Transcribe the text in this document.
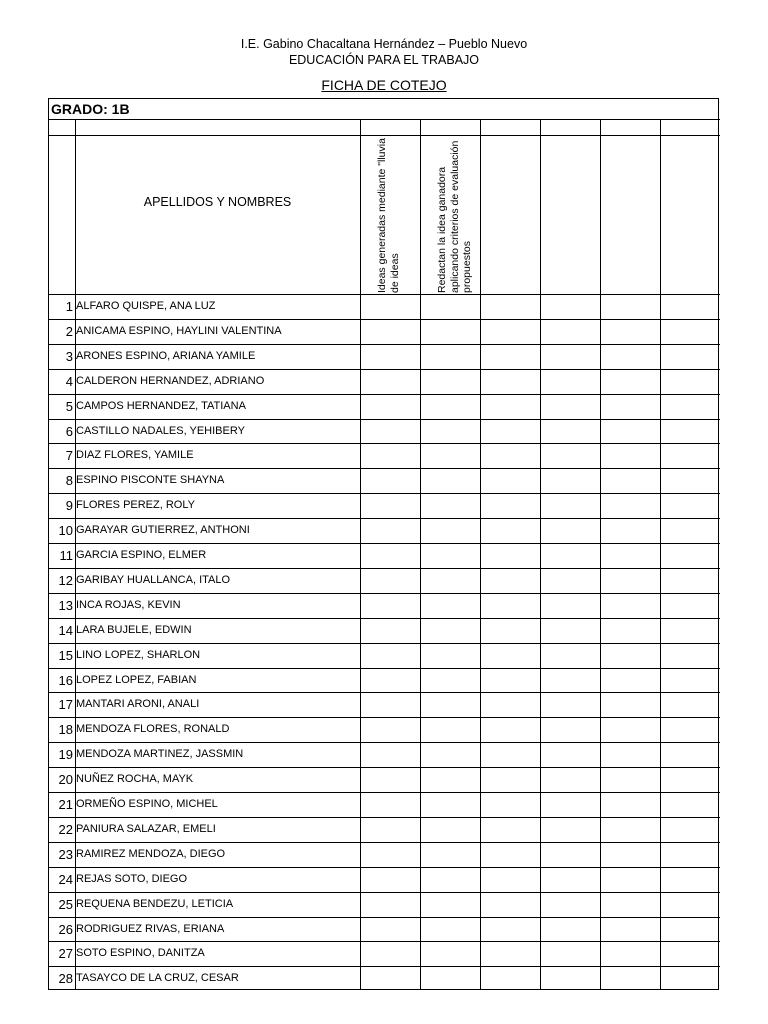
I.E. Gabino Chacaltana Hernández – Pueblo Nuevo
EDUCACIÓN PARA EL TRABAJO
FICHA DE COTEJO
GRADO: 1B
APELLIDOS Y NOMBRES
Ideas generadas mediante "lluvia
de ideas	Redactan la idea ganadora
aplicando criterios de evaluación
propuestos
1 ALFARO QUISPE, ANA LUZ
2 ANICAMA ESPINO, HAYLINI VALENTINA
3 ARONES ESPINO, ARIANA YAMILE
4 CALDERON HERNANDEZ, ADRIANO
5 CAMPOS HERNANDEZ, TATIANA
6 CASTILLO NADALES, YEHIBERY
7 DIAZ FLORES, YAMILE
8 ESPINO PISCONTE SHAYNA
9 FLORES PEREZ, ROLY
10 GARAYAR GUTIERREZ, ANTHONI
11 GARCIA ESPINO, ELMER
12 GARIBAY HUALLANCA, ITALO
13 INCA ROJAS, KEVIN
14 LARA BUJELE, EDWIN
15 LINO LOPEZ, SHARLON
16 LOPEZ LOPEZ, FABIAN
17 MANTARI ARONI, ANALI
18 MENDOZA FLORES, RONALD
19 MENDOZA MARTINEZ, JASSMIN
20 NUÑEZ ROCHA, MAYK
21 ORMEÑO ESPINO, MICHEL
22 PANIURA SALAZAR, EMELI
23 RAMIREZ MENDOZA, DIEGO
24 REJAS SOTO, DIEGO
25 REQUENA BENDEZU, LETICIA
26 RODRIGUEZ RIVAS, ERIANA
27 SOTO ESPINO, DANITZA
28 TASAYCO DE LA CRUZ, CESAR
